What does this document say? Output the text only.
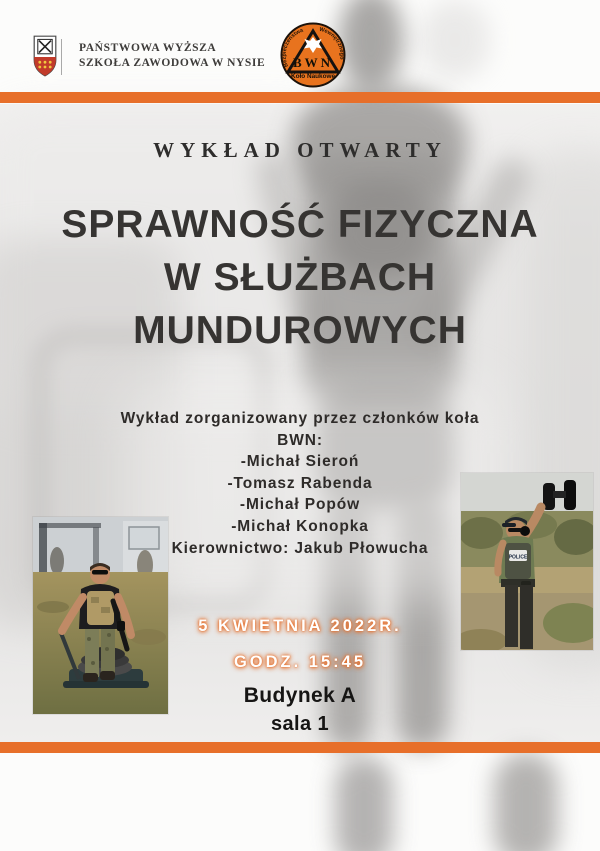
PAŃSTWOWA WYŻSZA
SZKOŁA ZAWODOWA W NYSIE BWN
Bezpieczeństwa	Wewnętrznego
Koło Naukowe
WYKŁAD OTWARTY
SPRAWNOŚĆ FIZYCZNA
W SŁUŻBACH
MUNDUROWYCH
Wykład zorganizowany przez członków koła
BWN:
-Michał Sieroń
-Tomasz Rabenda
-Michał Popów
-Michał Konopka
Kierownictwo: Jakub Płowucha
5 KWIETNIA 2022R.
GODZ. 15:45
Budynek A
sala 1
POLICE
